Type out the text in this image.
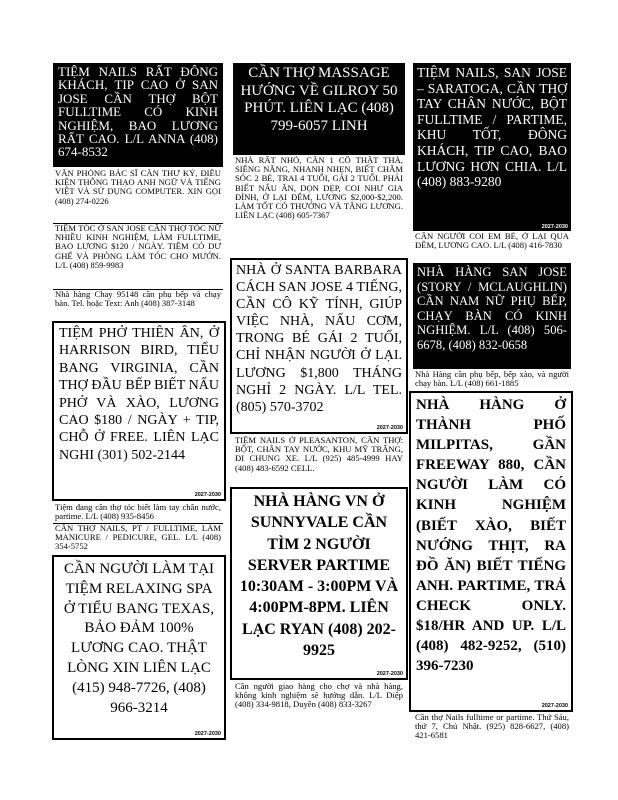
TIỆM NAILS RẤT ĐÔNG KHÁCH, TIP CAO Ở SAN JOSE CẦN THỢ BỘT FULLTIME CÓ KINH NGHIỆM, BAO LƯƠNG RẤT CAO. L/L ANNA (408) 674-8532
VĂN PHÒNG BÁC SĨ CẦN THƯ KÝ, ĐIỀU KIỆN THÔNG THẠO ANH NGỮ VÀ TIẾNG VIỆT VÀ SỬ DỤNG COMPUTER. XIN GỌI (408) 274-0226
TIỆM TÓC Ở SAN JOSE CẦN THỢ TÓC NỮ NHIỀU KINH NGHIỆM, LÀM FULLTIME, BAO LƯƠNG $120 / NGÀY. TIỆM CÓ DƯ GHẾ VÀ PHÒNG LÀM TÓC CHO MƯỚN. L/L (408) 859-9983
Nhà hàng Chay 95148 cần phụ bếp và chạy bàn. Tel. hoặc Text: Anh (408) 387-3148
TIỆM PHỞ THIÊN ÂN, Ở HARRISON BIRD, TIỂU BANG VIRGINIA, CẦN THỢ ĐẦU BẾP BIẾT NẤU PHỞ VÀ XÀO, LƯƠNG CAO $180 / NGÀY + TIP, CHỖ Ở FREE. LIÊN LẠC NGHI (301) 502-2144
2027-2030
Tiệm đang cần thợ tóc biết làm tay chân nước, partime. L/L (408) 935-8456
CẦN THỢ NAILS, PT / FULLTIME, LÀM MANICURE / PEDICURE, GEL. L/L (408) 354-5752
CẦN NGƯỜI LÀM TẠI TIỆM RELAXING SPA Ở TIỂU BANG TEXAS, BẢO ĐẢM 100% LƯƠNG CAO. THẬT LÒNG XIN LIÊN LẠC (415) 948-7726, (408) 966-3214
2027-2030
CẦN THỢ MASSAGE HƯỚNG VỀ GILROY 50 PHÚT. LIÊN LẠC (408) 799-6057 LINH
NHÀ RẤT NHỎ, CẦN 1 CÔ THẬT THÀ, SIÊNG NĂNG, NHANH NHẸN, BIẾT CHĂM SÓC 2 BÉ, TRAI 4 TUỔI, GÁI 2 TUỔI. PHẢI BIẾT NẤU ĂN, DỌN DẸP, COI NHƯ GIA ĐÌNH, Ở LẠI ĐÊM, LƯƠNG $2,000-$2,200. LÀM TỐT CÓ THƯỞNG VÀ TĂNG LƯƠNG. LIÊN LẠC (408) 605-7367
NHÀ Ở SANTA BARBARA CÁCH SAN JOSE 4 TIẾNG, CẦN CÔ KỸ TÍNH, GIÚP VIỆC NHÀ, NẤU CƠM, TRONG BÉ GÁI 2 TUỔI, CHỈ NHẬN NGƯỜI Ở LẠI. LƯƠNG $1,800 THÁNG NGHỈ 2 NGÀY. L/L TEL. (805) 570-3702
2027-2030
TIỆM NAILS Ở PLEASANTON, CẦN THỢ: BỘT, CHÂN TAY NƯỚC, KHU MỸ TRẮNG, ĐI CHUNG XE. L/L (925) 485-4999 HAY (408) 483-6592 CELL.
NHÀ HÀNG VN Ở SUNNYVALE CẦN TÌM 2 NGƯỜI SERVER PARTIME 10:30AM - 3:00PM VÀ 4:00PM-8PM. LIÊN LẠC RYAN (408) 202-9925
2027-2030
Cần người giao hàng cho chợ và nhà hàng, không kinh nghiệm sẽ hướng dẫn. L/L Diệp (408) 334-9818, Duyên (408) 833-3267
TIỆM NAILS, SAN JOSE – SARATOGA, CẦN THỢ TAY CHÂN NƯỚC, BỘT FULLTIME / PARTIME, KHU TỐT, ĐÔNG KHÁCH, TIP CAO, BAO LƯƠNG HƠN CHIA. L/L (408) 883-9280
2027-2030
CẦN NGƯỜI COI EM BÉ, Ở LẠI QUA ĐÊM, LƯƠNG CAO. L/L (408) 416-7830
NHÀ HÀNG SAN JOSE (STORY / MCLAUGHLIN) CẦN NAM NỮ PHỤ BẾP, CHẠY BÀN CÓ KINH NGHIỆM. L/L (408) 506-6678, (408) 832-0658
Nhà Hàng cần phụ bếp, bếp xào, và người chạy bàn. L/L (408) 661-1885
NHÀ HÀNG Ở THÀNH PHỐ MILPITAS, GẦN FREEWAY 880, CẦN NGƯỜI LÀM CÓ KINH NGHIỆM (BIẾT XÀO, BIẾT NƯỚNG THỊT, RA ĐỒ ĂN) BIẾT TIẾNG ANH. PARTIME, TRẢ CHECK ONLY. $18/HR AND UP. L/L (408) 482-9252, (510) 396-7230
2027-2030
Cần thợ Nails fulltime or partime. Thứ Sáu, thứ 7, Chủ Nhật. (925) 828-6627, (408) 421-6581
